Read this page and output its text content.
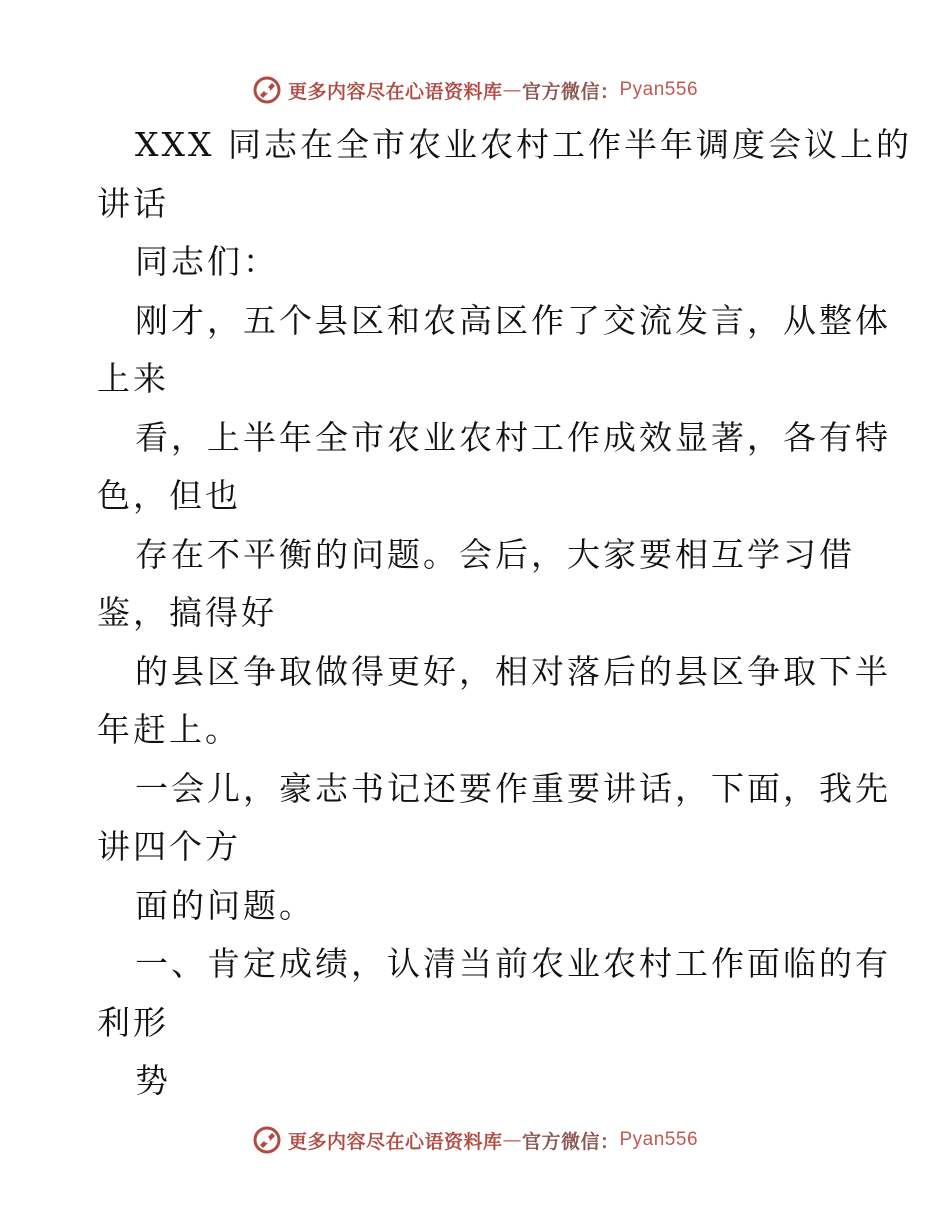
更多内容尽在心语资料库 — 官方微信： Pyan556
XXX 同志在全市农业农村工作半年调度会议上的
讲话
同志们：
刚才，五个县区和农高区作了交流发言，从整体
上来
看，上半年全市农业农村工作成效显著，各有特
色，但也
存在不平衡的问题。会后，大家要相互学习借
鉴，搞得好
的县区争取做得更好，相对落后的县区争取下半
年赶上。
一会儿，豪志书记还要作重要讲话，下面，我先
讲四个方
面的问题。
一、肯定成绩，认清当前农业农村工作面临的有
利形
势
更多内容尽在心语资料库 — 官方微信： Pyan556
